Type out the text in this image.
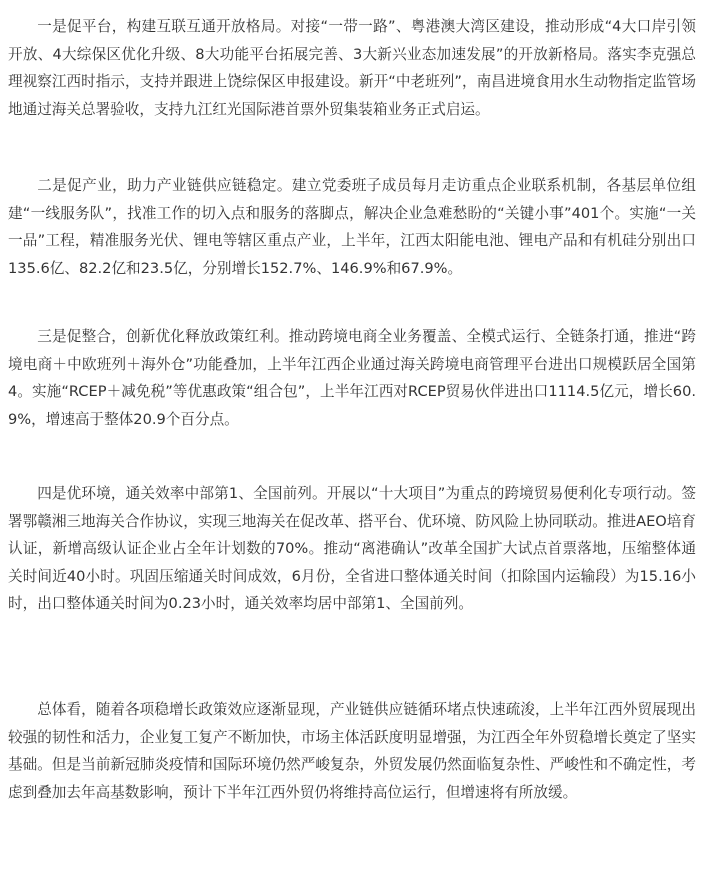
一是促平台，构建互联互通开放格局。对接“一带一路”、粤港澳大湾区建设，推动形成“4大口岸引领开放、4大综保区优化升级、8大功能平台拓展完善、3大新兴业态加速发展”的开放新格局。落实李克强总理视察江西时指示，支持并跟进上饶综保区申报建设。新开“中老班列”，南昌进境食用水生动物指定监管场地通过海关总署验收，支持九江红光国际港首票外贸集装箱业务正式启运。

二是促产业，助力产业链供应链稳定。建立党委班子成员每月走访重点企业联系机制，各基层单位组建“一线服务队”，找准工作的切入点和服务的落脚点，解决企业急难愁盼的“关键小事”401个。实施“一关一品”工程，精准服务光伏、锂电等辖区重点产业，上半年，江西太阳能电池、锂电产品和有机硅分别出口135.6亿、82.2亿和23.5亿，分别增长152.7%、146.9%和67.9%。

三是促整合，创新优化释放政策红利。推动跨境电商全业务覆盖、全模式运行、全链条打通，推进“跨境电商＋中欧班列＋海外仓”功能叠加，上半年江西企业通过海关跨境电商管理平台进出口规模跃居全国第4。实施“RCEP＋减免税”等优惠政策“组合包”，上半年江西对RCEP贸易伙伴进出口1114.5亿元，增长60.9%，增速高于整体20.9个百分点。

四是优环境，通关效率中部第1、全国前列。开展以“十大项目”为重点的跨境贸易便利化专项行动。签署鄂赣湘三地海关合作协议，实现三地海关在促改革、搭平台、优环境、防风险上协同联动。推进AEO培育认证，新增高级认证企业占全年计划数的70%。推动“离港确认”改革全国扩大试点首票落地，压缩整体通关时间近40小时。巩固压缩通关时间成效，6月份，全省进口整体通关时间（扣除国内运输段）为15.16小时，出口整体通关时间为0.23小时，通关效率均居中部第1、全国前列。

总体看，随着各项稳增长政策效应逐渐显现，产业链供应链循环堵点快速疏浚，上半年江西外贸展现出较强的韧性和活力，企业复工复产不断加快，市场主体活跃度明显增强，为江西全年外贸稳增长奠定了坚实基础。但是当前新冠肺炎疫情和国际环境仍然严峻复杂，外贸发展仍然面临复杂性、严峻性和不确定性，考虑到叠加去年高基数影响，预计下半年江西外贸仍将维持高位运行，但增速将有所放缓。
